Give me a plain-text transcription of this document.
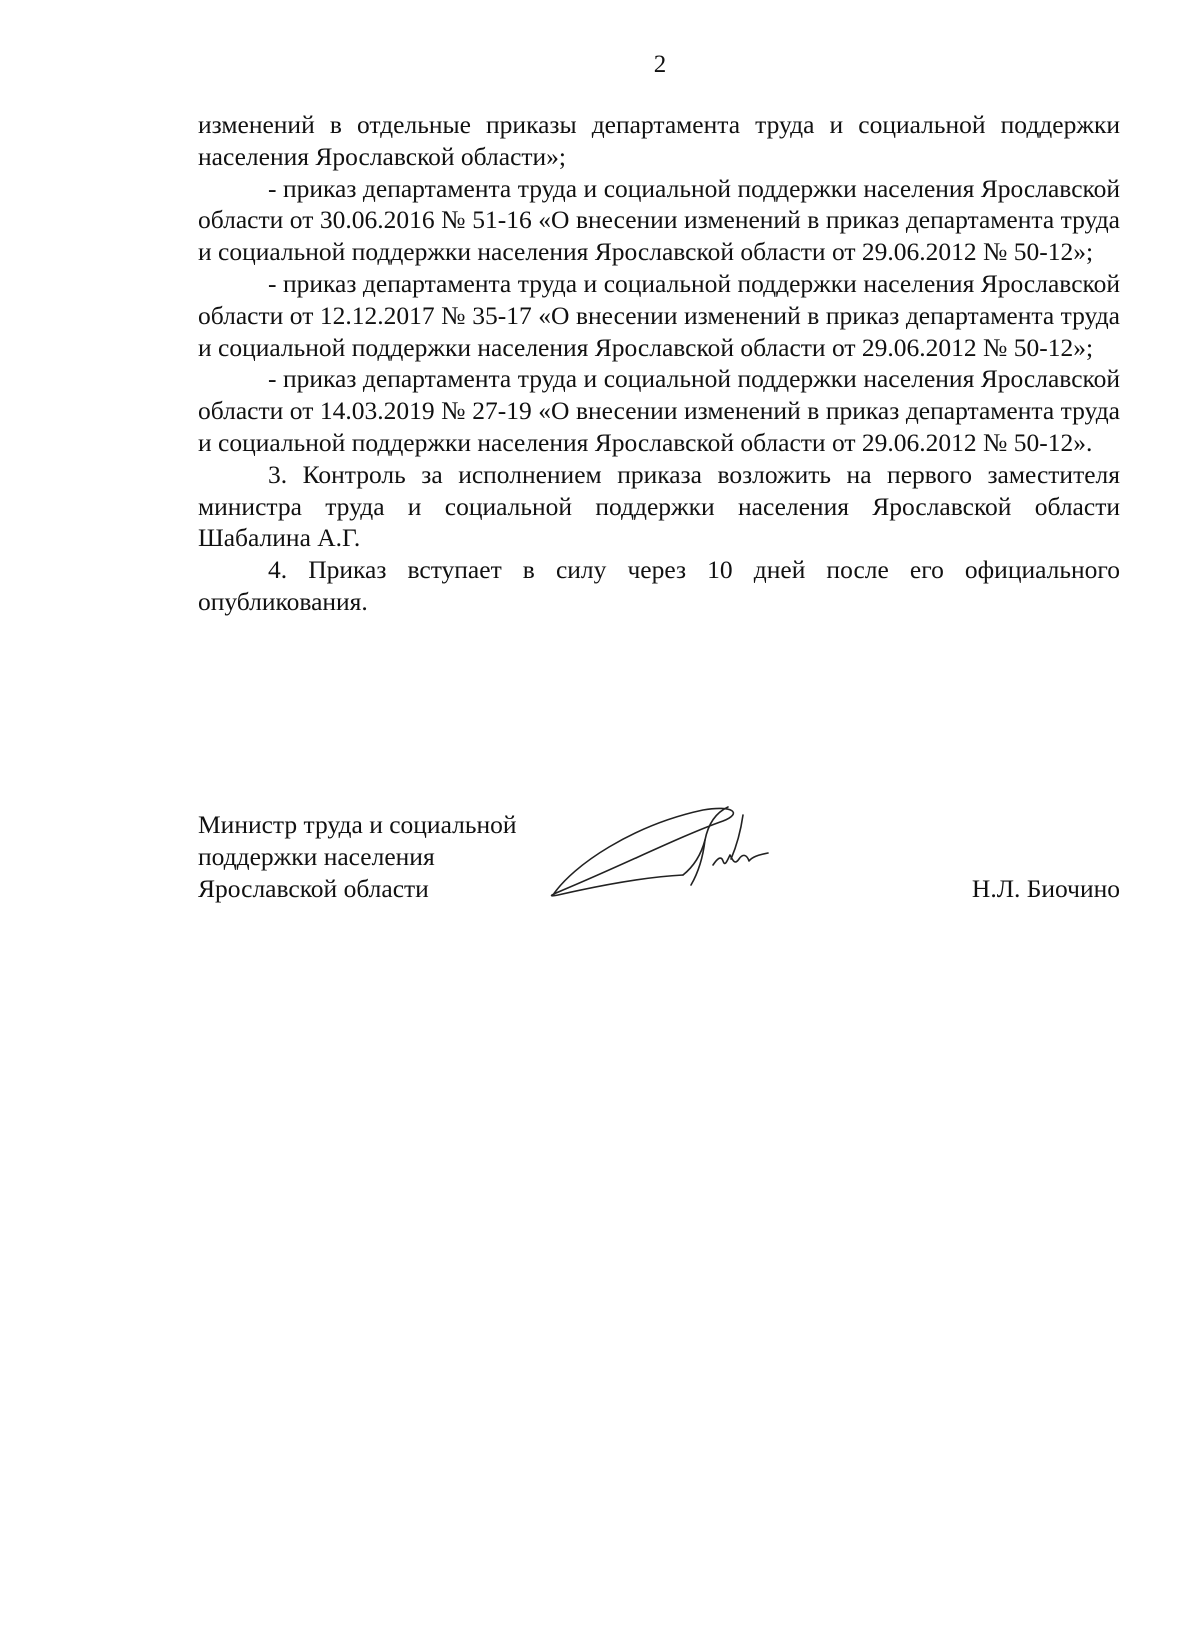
2

изменений в отдельные приказы департамента труда и социальной поддержки населения Ярославской области»;

- приказ департамента труда и социальной поддержки населения Ярославской области от 30.06.2016 № 51-16 «О внесении изменений в приказ департамента труда и социальной поддержки населения Ярославской области от 29.06.2012 № 50-12»;

- приказ департамента труда и социальной поддержки населения Ярославской области от 12.12.2017 № 35-17 «О внесении изменений в приказ департамента труда и социальной поддержки населения Ярославской области от 29.06.2012 № 50-12»;

- приказ департамента труда и социальной поддержки населения Ярославской области от 14.03.2019 № 27-19 «О внесении изменений в приказ департамента труда и социальной поддержки населения Ярославской области от 29.06.2012 № 50-12».

3. Контроль за исполнением приказа возложить на первого заместителя министра труда и социальной поддержки населения Ярославской области Шабалина А.Г.

4. Приказ вступает в силу через 10 дней после его официального опубликования.

Министр труда и социальной
поддержки населения
Ярославской области	Н.Л. Биочино
